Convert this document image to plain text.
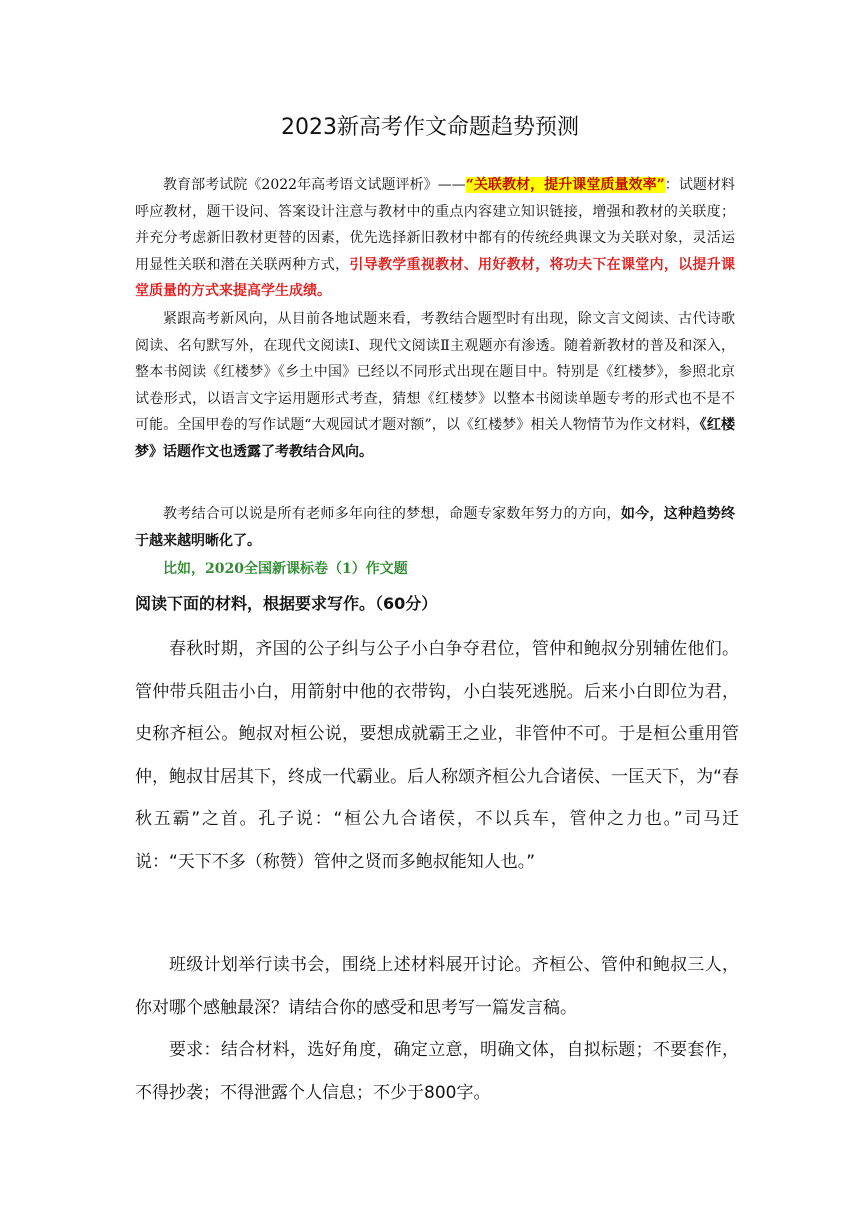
2023新高考作文命题趋势预测
教育部考试院《2022年高考语文试题评析》——“关联教材，提升课堂质量效率”：试题材料呼应教材，题干设问、答案设计注意与教材中的重点内容建立知识链接，增强和教材的关联度；并充分考虑新旧教材更替的因素，优先选择新旧教材中都有的传统经典课文为关联对象，灵活运用显性关联和潜在关联两种方式，引导教学重视教材、用好教材，将功夫下在课堂内，以提升课堂质量的方式来提高学生成绩。
紧跟高考新风向，从目前各地试题来看，考教结合题型时有出现，除文言文阅读、古代诗歌阅读、名句默写外，在现代文阅读Ⅰ、现代文阅读Ⅱ主观题亦有渗透。随着新教材的普及和深入，整本书阅读《红楼梦》《乡土中国》已经以不同形式出现在题目中。特别是《红楼梦》，参照北京试卷形式，以语言文字运用题形式考查，猜想《红楼梦》以整本书阅读单题专考的形式也不是不可能。全国甲卷的写作试题“大观园试才题对额”，以《红楼梦》相关人物情节为作文材料，《红楼梦》话题作文也透露了考教结合风向。
教考结合可以说是所有老师多年向往的梦想，命题专家数年努力的方向，如今，这种趋势终于越来越明晰化了。
比如，2020全国新课标卷（1）作文题
阅读下面的材料，根据要求写作。（60分）
春秋时期，齐国的公子纠与公子小白争夺君位，管仲和鲍叔分别辅佐他们。管仲带兵阻击小白，用箭射中他的衣带钩，小白装死逃脱。后来小白即位为君，史称齐桓公。鲍叔对桓公说，要想成就霸王之业，非管仲不可。于是桓公重用管仲，鲍叔甘居其下，终成一代霸业。后人称颂齐桓公九合诸侯、一匡天下，为“春秋五霸”之首。孔子说：“桓公九合诸侯，不以兵车，管仲之力也。”司马迁说：“天下不多（称赞）管仲之贤而多鲍叔能知人也。”
班级计划举行读书会，围绕上述材料展开讨论。齐桓公、管仲和鲍叔三人，你对哪个感触最深？请结合你的感受和思考写一篇发言稿。
要求：结合材料，选好角度，确定立意，明确文体，自拟标题；不要套作，不得抄袭；不得泄露个人信息；不少于800字。
